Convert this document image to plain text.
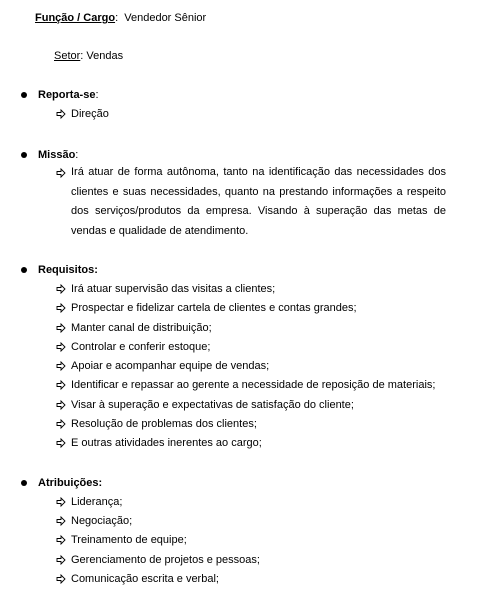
Função / Cargo: Vendedor Sênior
Setor: Vendas
Reporta-se:
Direção
Missão:
Irá atuar de forma autônoma, tanto na identificação das necessidades dos clientes e suas necessidades, quanto na prestando informações a respeito dos serviços/produtos da empresa. Visando à superação das metas de vendas e qualidade de atendimento.
Requisitos:
Irá atuar supervisão das visitas a clientes;
Prospectar e fidelizar cartela de clientes e contas grandes;
Manter canal de distribuição;
Controlar e conferir estoque;
Apoiar e acompanhar equipe de vendas;
Identificar e repassar ao gerente a necessidade de reposição de materiais;
Visar à superação e expectativas de satisfação do cliente;
Resolução de problemas dos clientes;
E outras atividades inerentes ao cargo;
Atribuições:
Liderança;
Negociação;
Treinamento de equipe;
Gerenciamento de projetos e pessoas;
Comunicação escrita e verbal;
